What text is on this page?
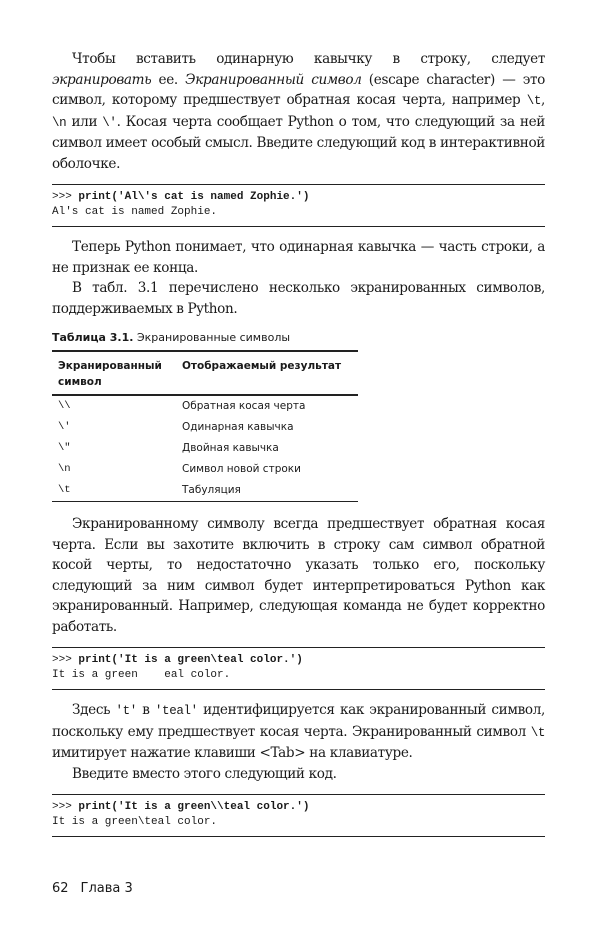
Чтобы вставить одинарную кавычку в строку, следует экранировать ее. Экранированный символ (escape character) — это символ, которому предшествует обратная косая черта, например \t, \n или \'. Косая черта сообщает Python о том, что следующий за ней символ имеет особый смысл. Введите следующий код в интерактивной оболочке.

>>> print('Al\'s cat is named Zophie.')
Al's cat is named Zophie.

Теперь Python понимает, что одинарная кавычка — часть строки, а не признак ее конца.

В табл. 3.1 перечислено несколько экранированных символов, поддерживаемых в Python.

Таблица 3.1. Экранированные символы
Экранированный символ	Отображаемый результат
\\	Обратная косая черта
\'	Одинарная кавычка
\"	Двойная кавычка
\n	Символ новой строки
\t	Табуляция

Экранированному символу всегда предшествует обратная косая черта. Если вы захотите включить в строку сам символ обратной косой черты, то недостаточно указать только его, поскольку следующий за ним символ будет интерпретироваться Python как экранированный. Например, следующая команда не будет корректно работать.

>>> print('It is a green\teal color.')
It is a green    eal color.

Здесь 't' в 'teal' идентифицируется как экранированный символ, поскольку ему предшествует косая черта. Экранированный символ \t имитирует нажатие клавиши <Tab> на клавиатуре.

Введите вместо этого следующий код.

>>> print('It is a green\\teal color.')
It is a green\teal color.
62 Глава 3
